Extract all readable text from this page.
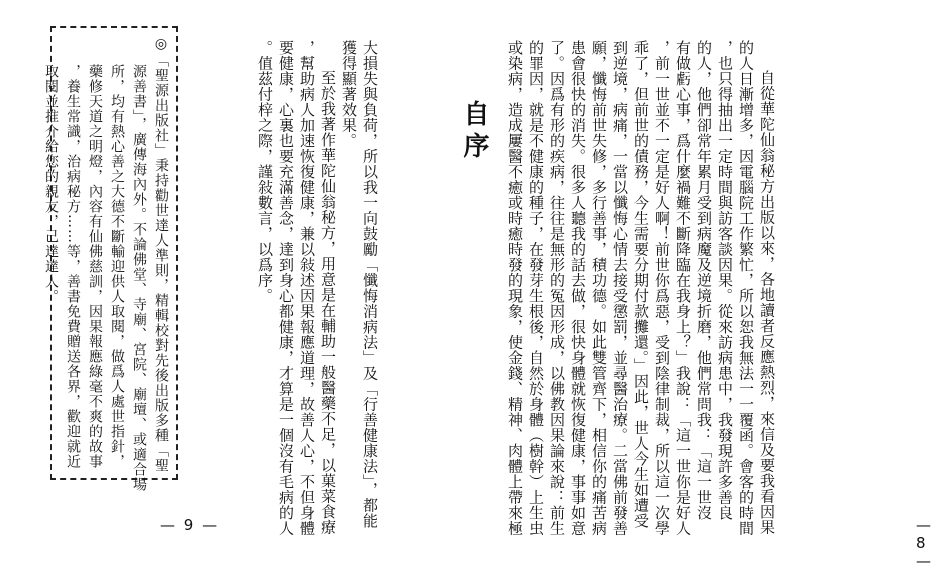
◎「聖源出版社」秉持勸世達人準則，精輯校對先後出版多種「聖
源善書」，廣傳海內外。不論佛堂、寺廟、宮院、廟壇、或適合場
所，均有熱心善之大德不斷輸迎供人取閱，做爲人處世指針，
藥修天道之明燈，內容有仙佛慈訓，因果報應綠毫不爽的故事
，養生常識，治病秘方……等，善書免費贈送各界，歡迎就近
取閱並推介給您的親友，己達達人。	大損失與負荷，所以我一向鼓勵「懺悔消病法」及「行善健康法」，都能
獲得顯著效果。
至於我著作華陀仙翁秘方，用意是在輔助一般醫藥不足，以菓菜食療
，幫助病人加速恢復健康，兼以敍述因果報應道理，故善人心，不但身體
要健康，心裏也要充滿善念，達到身心都健康，才算是一個沒有毛病的人
。值茲付梓之際，謹敍數言，以爲序。
— 9 —
自序	自從華陀仙翁秘方出版以來，各地讀者反應熱烈，來信及要我看因果
的人日漸增多，因電腦院工作繁忙，所以恕我無法一一覆函。會客的時間
，也只得抽出一定時間與訪客談因果。從來訪病患中，我發現許多善良
的人，他們卻常年累月受到病魔及逆境折磨，他們常問我：「這一世沒
有做虧心事，爲什麼禍難不斷降臨在我身上？」我說：「這一世你是好人
，前一世並不一定是好人啊！前世你爲惡，受到陰律制裁，所以這一次學
乖了，但前世的債務，今生需要分期付款攤還。」因此，世人今生如遭受
到逆境，病痛，一當以懺悔心情去接受懲罰，並尋醫治療。二當佛前發善
願，懺悔前世失修，多行善事，積功德。如此雙管齊下，相信你的痛苦病
患會很快的消失。很多人聽我的話去做，很快身體就恢復健康，事事如意
了。因爲有形的疾病，往往是無形的冤因形成，以佛教因果論來說：前生
的罪因，就是不健康的種子，在發芽生根後，自然於身體（樹幹）上生虫
或染病，造成屢醫不癒或時癒時發的現象，使金錢、精神、肉體上帶來極	— 8 —
